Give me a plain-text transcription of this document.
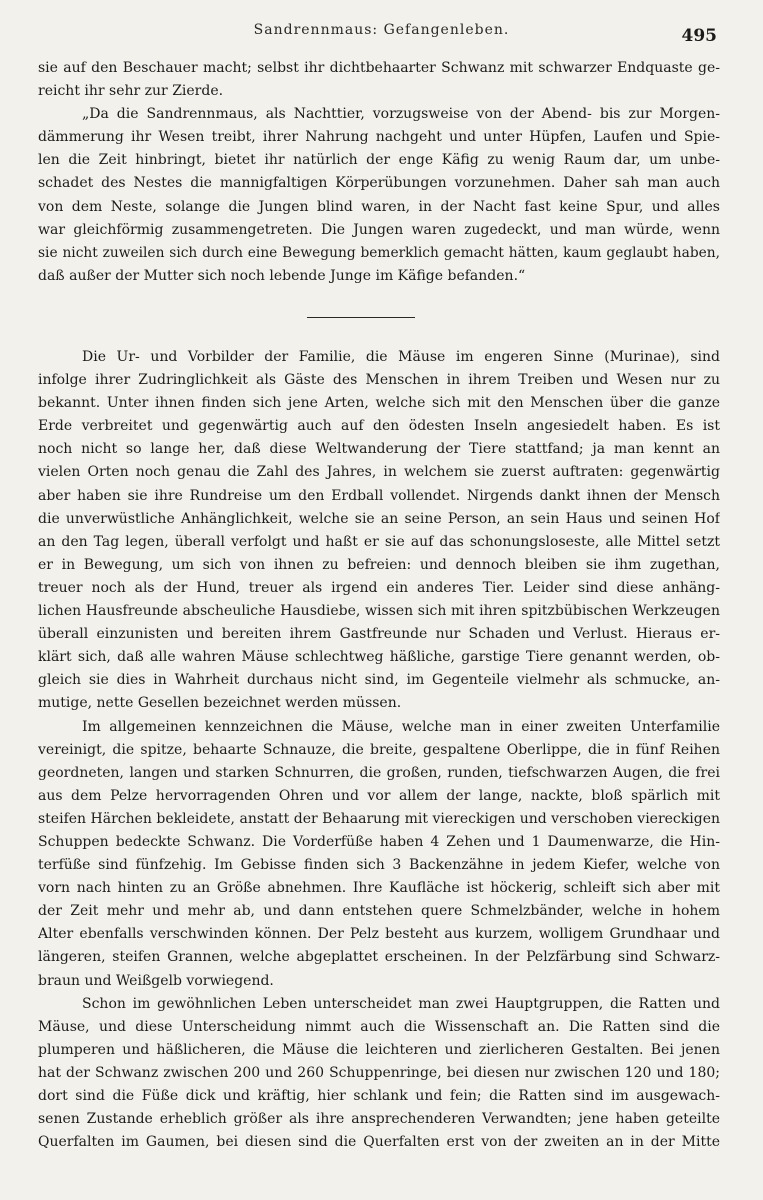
Sandrennmaus: Gefangenleben.	495
sie auf den Beschauer macht; selbst ihr dichtbehaarter Schwanz mit schwarzer Endquaste ge-
reicht ihr sehr zur Zierde.
„Da die Sandrennmaus, als Nachttier, vorzugsweise von der Abend- bis zur Morgen-
dämmerung ihr Wesen treibt, ihrer Nahrung nachgeht und unter Hüpfen, Laufen und Spie-
len die Zeit hinbringt, bietet ihr natürlich der enge Käfig zu wenig Raum dar, um unbe-
schadet des Nestes die mannigfaltigen Körperübungen vorzunehmen. Daher sah man auch
von dem Neste, solange die Jungen blind waren, in der Nacht fast keine Spur, und alles
war gleichförmig zusammengetreten. Die Jungen waren zugedeckt, und man würde, wenn
sie nicht zuweilen sich durch eine Bewegung bemerklich gemacht hätten, kaum geglaubt haben,
daß außer der Mutter sich noch lebende Junge im Käfige befanden.“
Die Ur- und Vorbilder der Familie, die Mäuse im engeren Sinne (Murinae), sind
infolge ihrer Zudringlichkeit als Gäste des Menschen in ihrem Treiben und Wesen nur zu
bekannt. Unter ihnen finden sich jene Arten, welche sich mit den Menschen über die ganze
Erde verbreitet und gegenwärtig auch auf den ödesten Inseln angesiedelt haben. Es ist
noch nicht so lange her, daß diese Weltwanderung der Tiere stattfand; ja man kennt an
vielen Orten noch genau die Zahl des Jahres, in welchem sie zuerst auftraten: gegenwärtig
aber haben sie ihre Rundreise um den Erdball vollendet. Nirgends dankt ihnen der Mensch
die unverwüstliche Anhänglichkeit, welche sie an seine Person, an sein Haus und seinen Hof
an den Tag legen, überall verfolgt und haßt er sie auf das schonungsloseste, alle Mittel setzt
er in Bewegung, um sich von ihnen zu befreien: und dennoch bleiben sie ihm zugethan,
treuer noch als der Hund, treuer als irgend ein anderes Tier. Leider sind diese anhäng-
lichen Hausfreunde abscheuliche Hausdiebe, wissen sich mit ihren spitzbübischen Werkzeugen
überall einzunisten und bereiten ihrem Gastfreunde nur Schaden und Verlust. Hieraus er-
klärt sich, daß alle wahren Mäuse schlechtweg häßliche, garstige Tiere genannt werden, ob-
gleich sie dies in Wahrheit durchaus nicht sind, im Gegenteile vielmehr als schmucke, an-
mutige, nette Gesellen bezeichnet werden müssen.
Im allgemeinen kennzeichnen die Mäuse, welche man in einer zweiten Unterfamilie
vereinigt, die spitze, behaarte Schnauze, die breite, gespaltene Oberlippe, die in fünf Reihen
geordneten, langen und starken Schnurren, die großen, runden, tiefschwarzen Augen, die frei
aus dem Pelze hervorragenden Ohren und vor allem der lange, nackte, bloß spärlich mit
steifen Härchen bekleidete, anstatt der Behaarung mit viereckigen und verschoben viereckigen
Schuppen bedeckte Schwanz. Die Vorderfüße haben 4 Zehen und 1 Daumenwarze, die Hin-
terfüße sind fünfzehig. Im Gebisse finden sich 3 Backenzähne in jedem Kiefer, welche von
vorn nach hinten zu an Größe abnehmen. Ihre Kaufläche ist höckerig, schleift sich aber mit
der Zeit mehr und mehr ab, und dann entstehen quere Schmelzbänder, welche in hohem
Alter ebenfalls verschwinden können. Der Pelz besteht aus kurzem, wolligem Grundhaar und
längeren, steifen Grannen, welche abgeplattet erscheinen. In der Pelzfärbung sind Schwarz-
braun und Weißgelb vorwiegend.
Schon im gewöhnlichen Leben unterscheidet man zwei Hauptgruppen, die Ratten und
Mäuse, und diese Unterscheidung nimmt auch die Wissenschaft an. Die Ratten sind die
plumperen und häßlicheren, die Mäuse die leichteren und zierlicheren Gestalten. Bei jenen
hat der Schwanz zwischen 200 und 260 Schuppenringe, bei diesen nur zwischen 120 und 180;
dort sind die Füße dick und kräftig, hier schlank und fein; die Ratten sind im ausgewach-
senen Zustande erheblich größer als ihre ansprechenderen Verwandten; jene haben geteilte
Querfalten im Gaumen, bei diesen sind die Querfalten erst von der zweiten an in der Mitte
